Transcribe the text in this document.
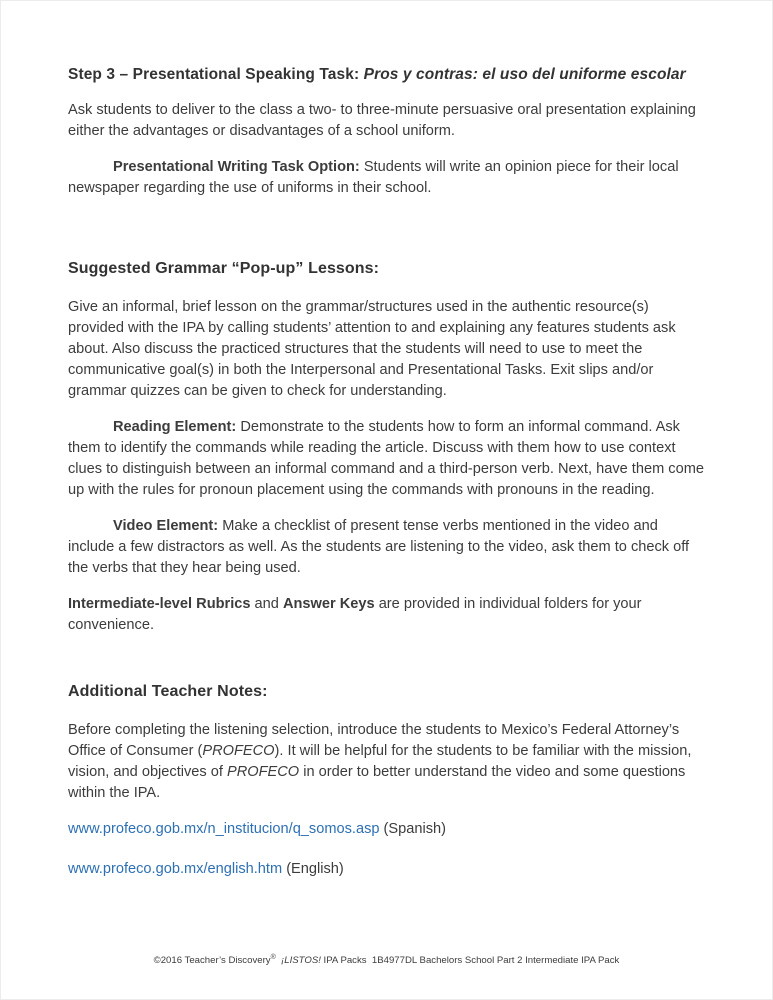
Step 3 – Presentational Speaking Task: Pros y contras: el uso del uniforme escolar

Ask students to deliver to the class a two- to three-minute persuasive oral presentation explaining either the advantages or disadvantages of a school uniform.

Presentational Writing Task Option: Students will write an opinion piece for their local newspaper regarding the use of uniforms in their school.

Suggested Grammar “Pop-up” Lessons:

Give an informal, brief lesson on the grammar/structures used in the authentic resource(s) provided with the IPA by calling students’ attention to and explaining any features students ask about. Also discuss the practiced structures that the students will need to use to meet the communicative goal(s) in both the Interpersonal and Presentational Tasks. Exit slips and/or grammar quizzes can be given to check for understanding.

Reading Element: Demonstrate to the students how to form an informal command. Ask them to identify the commands while reading the article. Discuss with them how to use context clues to distinguish between an informal command and a third-person verb. Next, have them come up with the rules for pronoun placement using the commands with pronouns in the reading.

Video Element: Make a checklist of present tense verbs mentioned in the video and include a few distractors as well. As the students are listening to the video, ask them to check off the verbs that they hear being used.

Intermediate-level Rubrics and Answer Keys are provided in individual folders for your convenience.

Additional Teacher Notes:

Before completing the listening selection, introduce the students to Mexico’s Federal Attorney’s Office of Consumer (PROFECO). It will be helpful for the students to be familiar with the mission, vision, and objectives of PROFECO in order to better understand the video and some questions within the IPA.

www.profeco.gob.mx/n_institucion/q_somos.asp (Spanish)

www.profeco.gob.mx/english.htm (English)

©2016 Teacher’s Discovery®  ¡LISTOS! IPA Packs  1B4977DL Bachelors School Part 2 Intermediate IPA Pack
